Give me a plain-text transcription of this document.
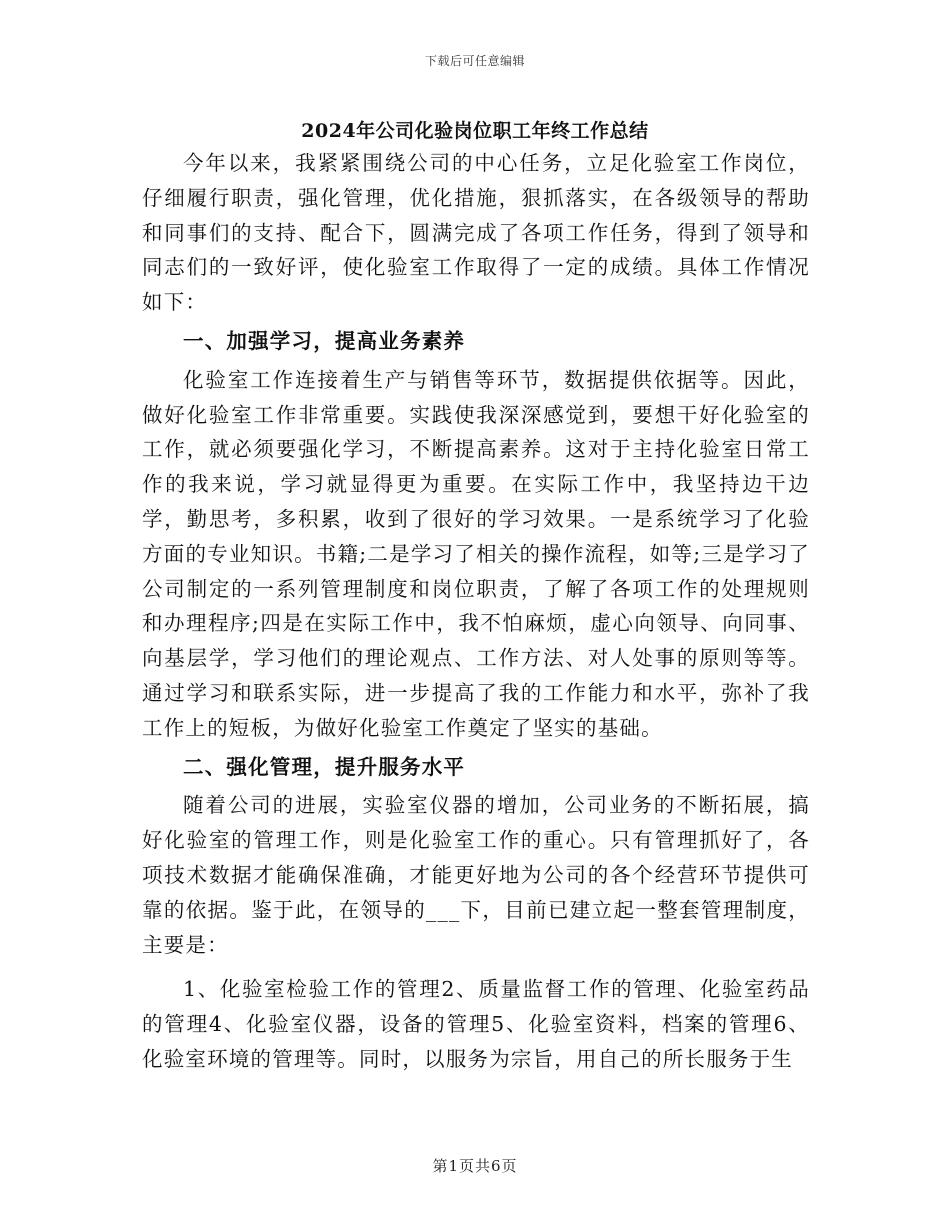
下载后可任意编辑
2024年公司化验岗位职工年终工作总结

今年以来，我紧紧围绕公司的中心任务，立足化验室工作岗位，仔细履行职责，强化管理，优化措施，狠抓落实，在各级领导的帮助和同事们的支持、配合下，圆满完成了各项工作任务，得到了领导和同志们的一致好评，使化验室工作取得了一定的成绩。具体工作情况如下：

一、加强学习，提高业务素养

化验室工作连接着生产与销售等环节，数据提供依据等。因此，做好化验室工作非常重要。实践使我深深感觉到，要想干好化验室的工作，就必须要强化学习，不断提高素养。这对于主持化验室日常工作的我来说，学习就显得更为重要。在实际工作中，我坚持边干边学，勤思考，多积累，收到了很好的学习效果。一是系统学习了化验方面的专业知识。书籍;二是学习了相关的操作流程，如等;三是学习了公司制定的一系列管理制度和岗位职责，了解了各项工作的处理规则和办理程序;四是在实际工作中，我不怕麻烦，虚心向领导、向同事、向基层学，学习他们的理论观点、工作方法、对人处事的原则等等。通过学习和联系实际，进一步提高了我的工作能力和水平，弥补了我工作上的短板，为做好化验室工作奠定了坚实的基础。

二、强化管理，提升服务水平

随着公司的进展，实验室仪器的增加，公司业务的不断拓展，搞好化验室的管理工作，则是化验室工作的重心。只有管理抓好了，各项技术数据才能确保准确，才能更好地为公司的各个经营环节提供可靠的依据。鉴于此，在领导的___下，目前已建立起一整套管理制度，主要是：

1、化验室检验工作的管理2、质量监督工作的管理、化验室药品的管理4、化验室仪器，设备的管理5、化验室资料，档案的管理6、化验室环境的管理等。同时，以服务为宗旨，用自己的所长服务于生

第1页共6页
